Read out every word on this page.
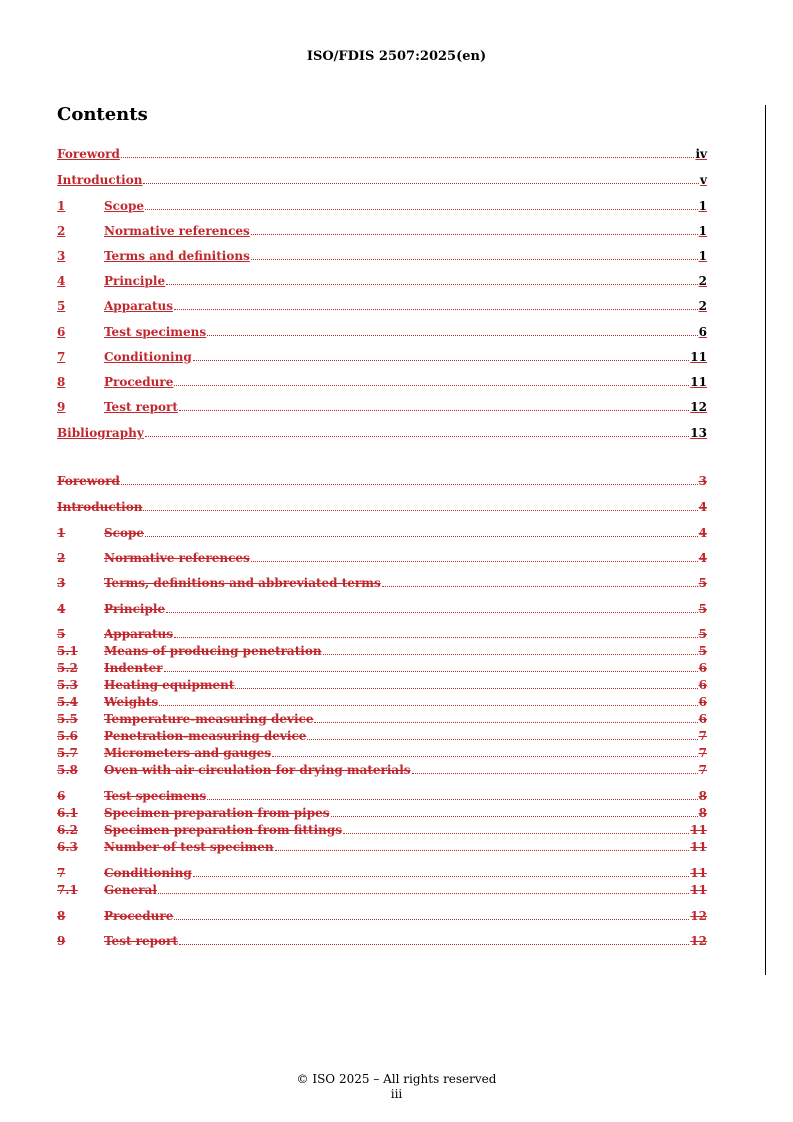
ISO/FDIS 2507:2025(en)
Contents
Foreword	iv
Introduction	v
1	Scope	1
2	Normative references	1
3	Terms and definitions	1
4	Principle	2
5	Apparatus	2
6	Test specimens	6
7	Conditioning	11
8	Procedure	11
9	Test report	12
Bibliography	13
Foreword	3
Introduction	4
1	Scope	4
2	Normative references	4
3	Terms, definitions and abbreviated terms	5
4	Principle	5
5	Apparatus	5
5.1	Means of producing penetration	5
5.2	Indenter	6
5.3	Heating equipment	6
5.4	Weights	6
5.5	Temperature-measuring device	6
5.6	Penetration-measuring device	7
5.7	Micrometers and gauges	7
5.8	Oven with air circulation for drying materials	7
6	Test specimens	8
6.1	Specimen preparation from pipes	8
6.2	Specimen preparation from fittings	11
6.3	Number of test specimen	11
7	Conditioning	11
7.1	General	11
8	Procedure	12
9	Test report	12
© ISO 2025 – All rights reserved
iii
